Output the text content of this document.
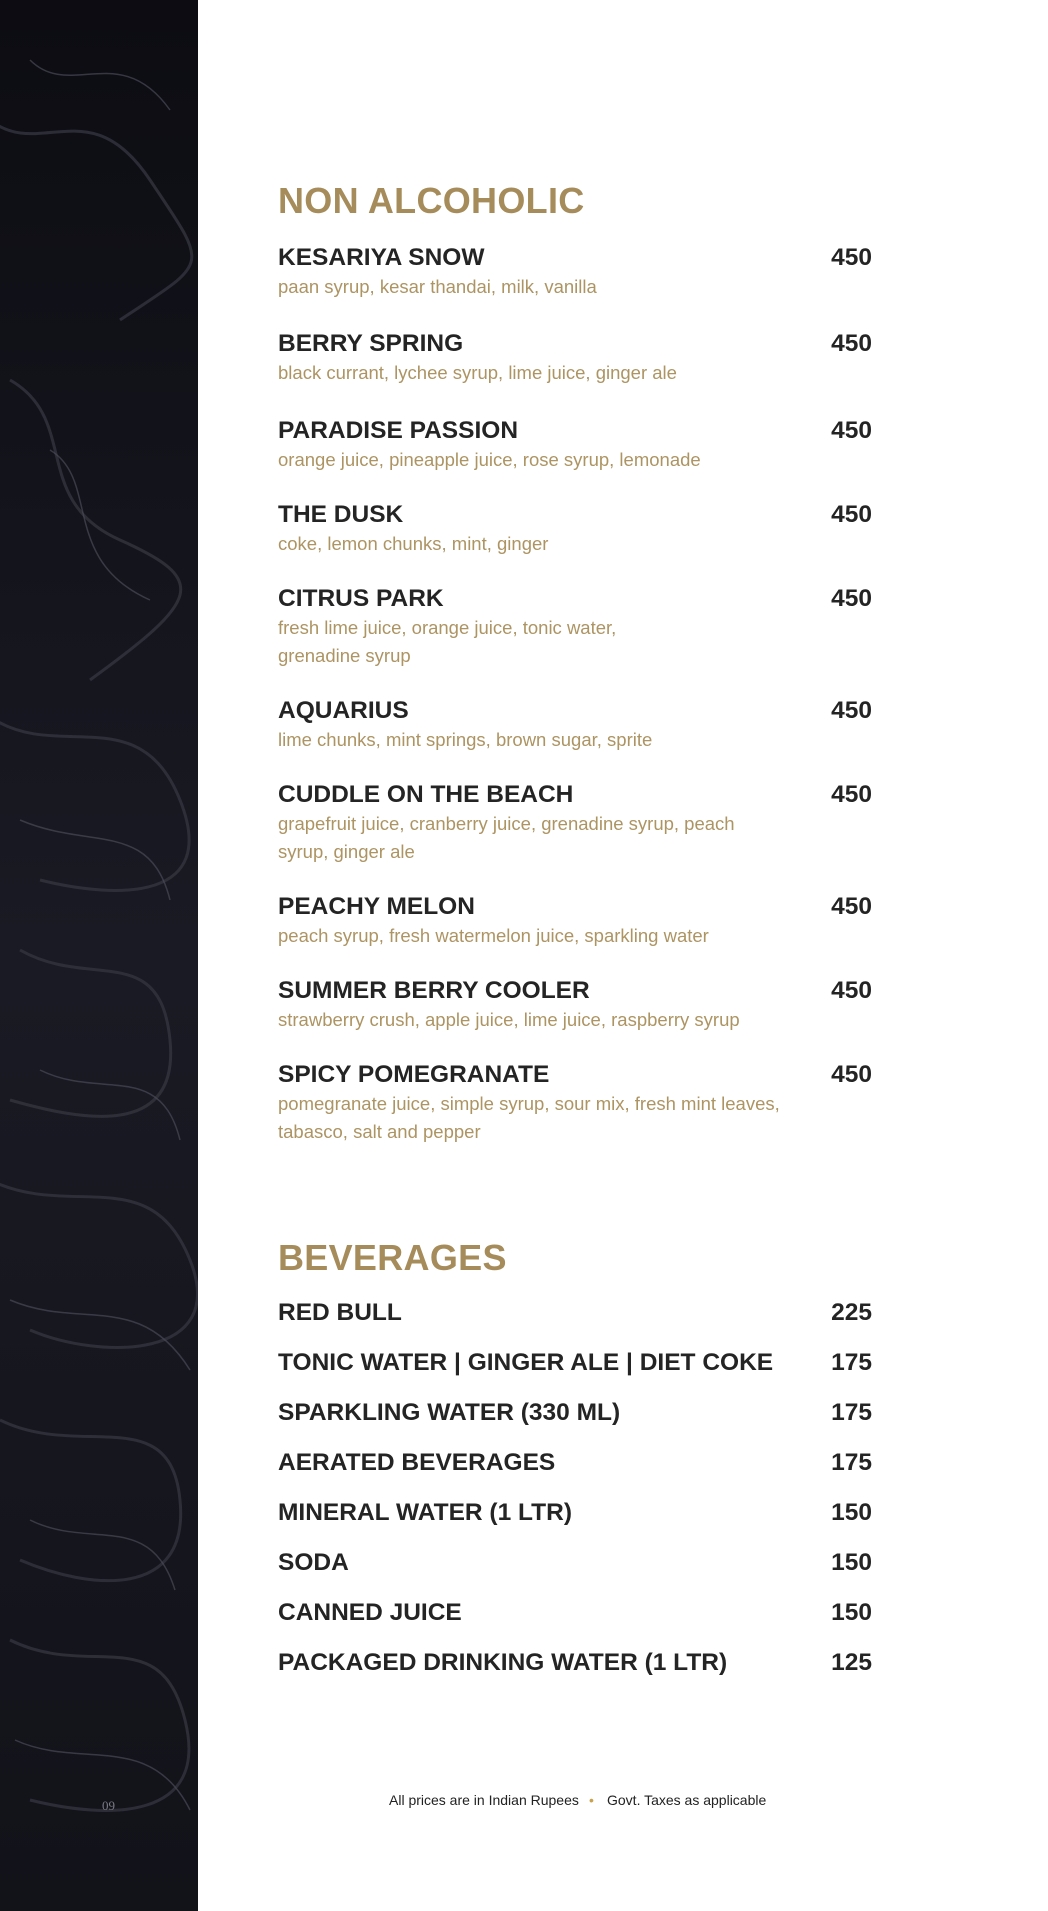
09
NON ALCOHOLIC
KESARIYA SNOW	450
paan syrup, kesar thandai, milk, vanilla
BERRY SPRING	450
black currant, lychee syrup, lime juice, ginger ale
PARADISE PASSION	450
orange juice, pineapple juice, rose syrup, lemonade
THE DUSK	450
coke, lemon chunks, mint, ginger
CITRUS PARK	450
fresh lime juice, orange juice, tonic water, grenadine syrup
AQUARIUS	450
lime chunks, mint springs, brown sugar, sprite
CUDDLE ON THE BEACH	450
grapefruit juice, cranberry juice, grenadine syrup, peach syrup, ginger ale
PEACHY MELON	450
peach syrup, fresh watermelon juice, sparkling water
SUMMER BERRY COOLER	450
strawberry crush, apple juice, lime juice, raspberry syrup
SPICY POMEGRANATE	450
pomegranate juice, simple syrup, sour mix, fresh mint leaves, tabasco, salt and pepper
BEVERAGES
RED BULL	225
TONIC WATER | GINGER ALE | DIET COKE	175
SPARKLING WATER (330 ML)	175
AERATED BEVERAGES	175
MINERAL WATER (1 LTR)	150
SODA	150
CANNED JUICE	150
PACKAGED DRINKING WATER (1 LTR)	125
All prices are in Indian Rupees • Govt. Taxes as applicable
